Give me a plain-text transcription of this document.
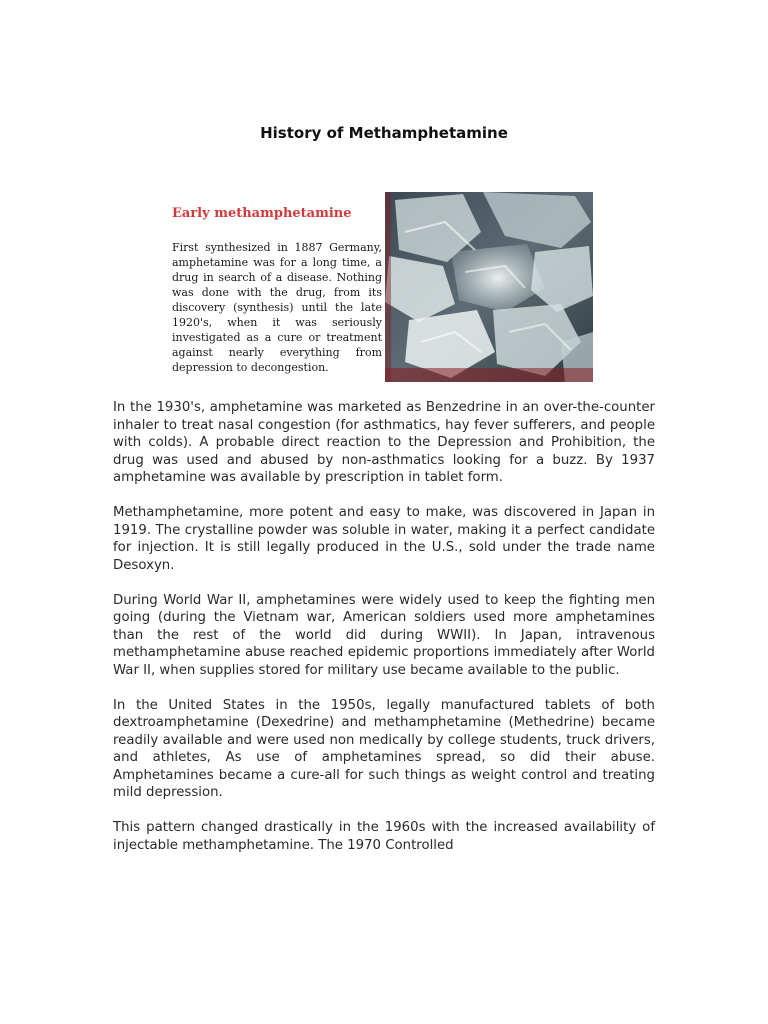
History of Methamphetamine
Early methamphetamine

First synthesized in 1887 Germany, amphetamine was for a long time, a drug in search of a disease. Nothing was done with the drug, from its discovery (synthesis) until the late 1920's, when it was seriously investigated as a cure or treatment against nearly everything from depression to decongestion.

In the 1930's, amphetamine was marketed as Benzedrine in an over-the-counter inhaler to treat nasal congestion (for asthmatics, hay fever sufferers, and people with colds). A probable direct reaction to the Depression and Prohibition, the drug was used and abused by non-asthmatics looking for a buzz. By 1937 amphetamine was available by prescription in tablet form.

Methamphetamine, more potent and easy to make, was discovered in Japan in 1919. The crystalline powder was soluble in water, making it a perfect candidate for injection. It is still legally produced in the U.S., sold under the trade name Desoxyn.

During World War II, amphetamines were widely used to keep the fighting men going (during the Vietnam war, American soldiers used more amphetamines than the rest of the world did during WWII). In Japan, intravenous methamphetamine abuse reached epidemic proportions immediately after World War II, when supplies stored for military use became available to the public.

In the United States in the 1950s, legally manufactured tablets of both dextroamphetamine (Dexedrine) and methamphetamine (Methedrine) became readily available and were used non medically by college students, truck drivers, and athletes, As use of amphetamines spread, so did their abuse. Amphetamines became a cure-all for such things as weight control and treating mild depression.

This pattern changed drastically in the 1960s with the increased availability of injectable methamphetamine. The 1970 Controlled
